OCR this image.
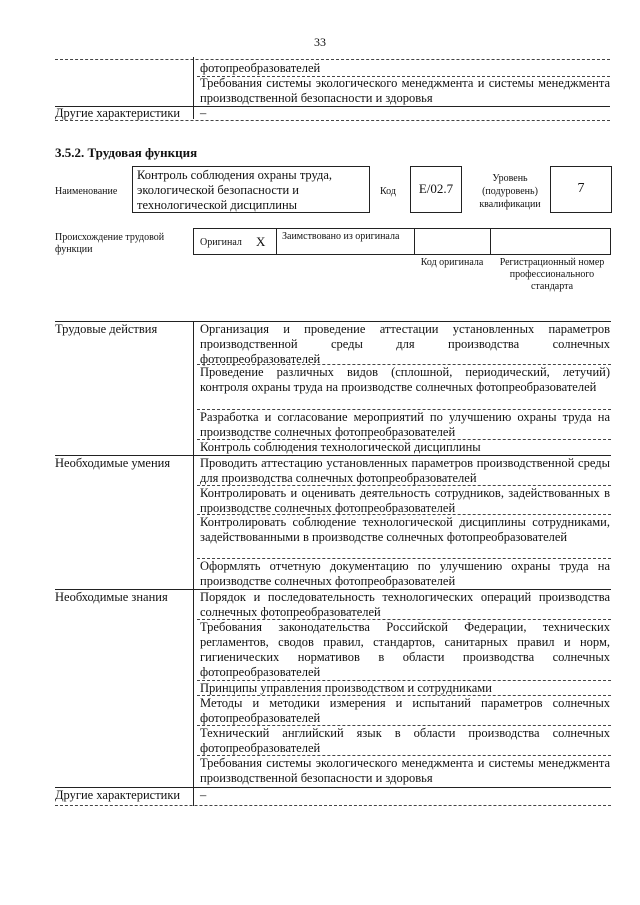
33
фотопреобразователей
Требования системы экологического менеджмента и системы менеджмента производственной безопасности и здоровья
Другие характеристики	–
3.5.2. Трудовая функция
Наименование
Контроль соблюдения охраны труда, экологической безопасности и технологической дисциплины
Код	E/02.7
Уровень (подуровень) квалификации
7
Происхождение трудовой функции
Оригинал	X	Заимствовано из оригинала
Код оригинала	Регистрационный номер профессионального стандарта
Трудовые действия	Организация и проведение аттестации установленных параметров производственной среды для производства солнечных фотопреобразователей
Проведение различных видов (сплошной, периодический, летучий) контроля охраны труда на производстве солнечных фотопреобразователей
Разработка и согласование мероприятий по улучшению охраны труда на производстве солнечных фотопреобразователей
Контроль соблюдения технологической дисциплины
Необходимые умения	Проводить аттестацию установленных параметров производственной среды для производства солнечных фотопреобразователей
Контролировать и оценивать деятельность сотрудников, задействованных в производстве солнечных фотопреобразователей
Контролировать соблюдение технологической дисциплины сотрудниками, задействованными в производстве солнечных фотопреобразователей
Оформлять отчетную документацию по улучшению охраны труда на производстве солнечных фотопреобразователей
Необходимые знания	Порядок и последовательность технологических операций производства солнечных фотопреобразователей
Требования законодательства Российской Федерации, технических регламентов, сводов правил, стандартов, санитарных правил и норм, гигиенических нормативов в области производства солнечных фотопреобразователей
Принципы управления производством и сотрудниками
Методы и методики измерения и испытаний параметров солнечных фотопреобразователей
Технический английский язык в области производства солнечных фотопреобразователей
Требования системы экологического менеджмента и системы менеджмента производственной безопасности и здоровья
Другие характеристики	–
